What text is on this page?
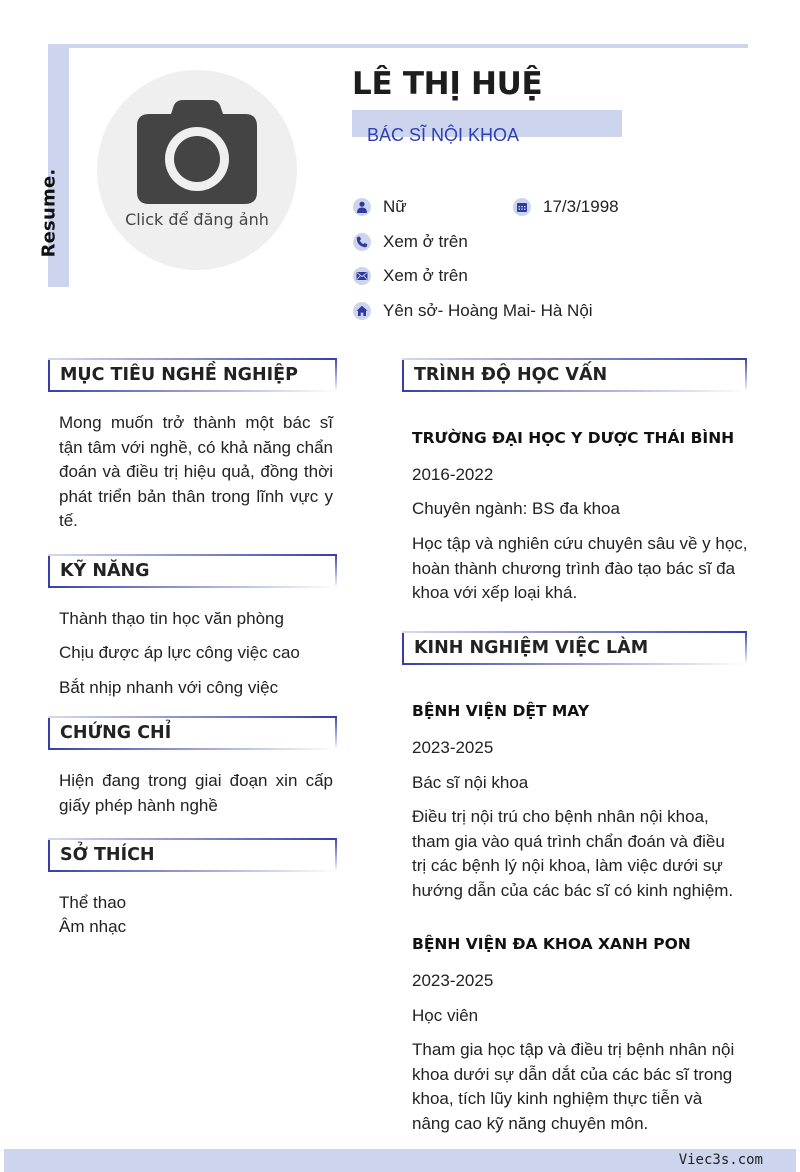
Resume.	Click để đăng ảnh
LÊ THỊ HUỆ
BÁC SĨ NỘI KHOA
Nữ	17/3/1998
Xem ở trên
Xem ở trên
Yên sở- Hoàng Mai- Hà Nội
MỤC TIÊU NGHỀ NGHIỆP
Mong muốn trở thành một bác sĩ tận tâm với nghề, có khả năng chẩn đoán và điều trị hiệu quả, đồng thời phát triển bản thân trong lĩnh vực y tế.
KỸ NĂNG
Thành thạo tin học văn phòng
Chịu được áp lực công việc cao
Bắt nhịp nhanh với công việc
CHỨNG CHỈ
Hiện đang trong giai đoạn xin cấp giấy phép hành nghề
SỞ THÍCH
Thể thao
Âm nhạc
TRÌNH ĐỘ HỌC VẤN
TRƯỜNG ĐẠI HỌC Y DƯỢC THÁI BÌNH
2016-2022
Chuyên ngành: BS đa khoa
Học tập và nghiên cứu chuyên sâu về y học, hoàn thành chương trình đào tạo bác sĩ đa khoa với xếp loại khá.
KINH NGHIỆM VIỆC LÀM
BỆNH VIỆN DỆT MAY
2023-2025
Bác sĩ nội khoa
Điều trị nội trú cho bệnh nhân nội khoa, tham gia vào quá trình chẩn đoán và điều trị các bệnh lý nội khoa, làm việc dưới sự hướng dẫn của các bác sĩ có kinh nghiệm.
BỆNH VIỆN ĐA KHOA XANH PON
2023-2025
Học viên
Tham gia học tập và điều trị bệnh nhân nội khoa dưới sự dẫn dắt của các bác sĩ trong khoa, tích lũy kinh nghiệm thực tiễn và nâng cao kỹ năng chuyên môn.
Viec3s.com
